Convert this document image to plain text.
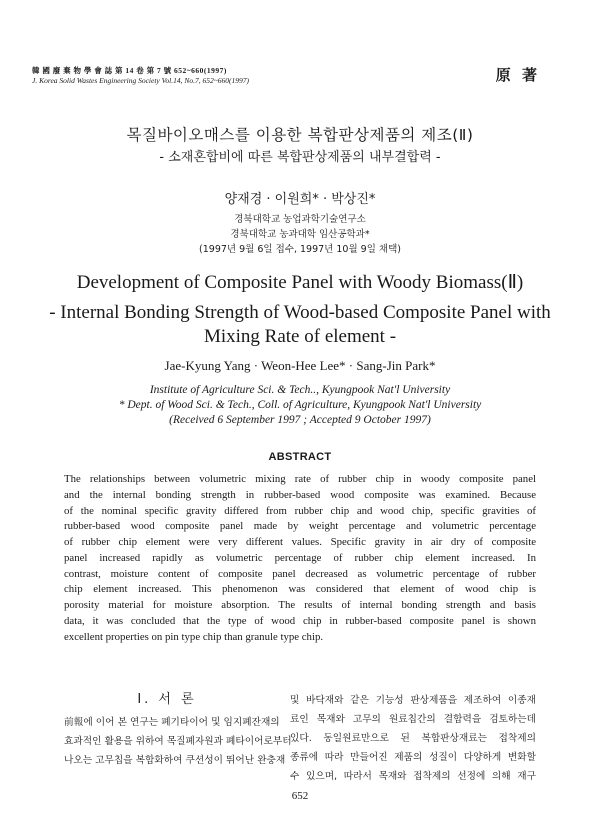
韓 國 廢 棄 物 學 會 誌 第 14 卷 第 7 號 652~660(1997)
J. Korea Solid Wastes Engineering Society Vol.14, No.7, 652~660(1997)	原 著
목질바이오매스를 이용한 복합판상제품의 제조(Ⅱ)
- 소재혼합비에 따른 복합판상제품의 내부결합력 -
양재경 · 이원희* · 박상진*
경북대학교 농업과학기술연구소
경북대학교 농과대학 임산공학과*
(1997년 9월 6일 접수, 1997년 10월 9일 채택)
Development of Composite Panel with Woody Biomass(Ⅱ)
- Internal Bonding Strength of Wood-based Composite Panel with
Mixing Rate of element -
Jae-Kyung Yang · Weon-Hee Lee* · Sang-Jin Park*
Institute of Agriculture Sci. & Tech.., Kyungpook Nat'l University
* Dept. of Wood Sci. & Tech., Coll. of Agriculture, Kyungpook Nat'l University
(Received 6 September 1997 ; Accepted 9 October 1997)
ABSTRACT
The relationships between volumetric mixing rate of rubber chip in woody composite panel
and the internal bonding strength in rubber-based wood composite was examined. Because
of the nominal specific gravity differed from rubber chip and wood chip, specific gravities of
rubber-based wood composite panel made by weight percentage and volumetric percentage
of rubber chip element were very different values. Specific gravity in air dry of composite
panel increased rapidly as volumetric percentage of rubber chip element increased. In
contrast, moisture content of composite panel decreased as volumetric percentage of rubber
chip element increased. This phenomenon was considered that element of wood chip is
porosity material for moisture absorption. The results of internal bonding strength and basis
data, it was concluded that the type of wood chip in rubber-based composite panel is shown
excellent properties on pin type chip than granule type chip.
Ⅰ. 서 론
前報에 이어 본 연구는 폐기타이어 및 임지폐잔재의
효과적인 활용을 위하여 목질폐자원과 폐타이어로부터
나오는 고무칩을 복합화하여 쿠션성이 뛰어난 완충재
및 바닥재와 같은 기능성 판상제품을 제조하여 이종재
료인 목재와 고무의 원료칩간의 결합력을 검토하는데
있다. 동일원료만으로 된 복합판상재료는 접착제의
종류에 따라 만들어진 제품의 성질이 다양하게 변화할
수 있으며, 따라서 목재와 접착제의 선정에 의해 재구
652
